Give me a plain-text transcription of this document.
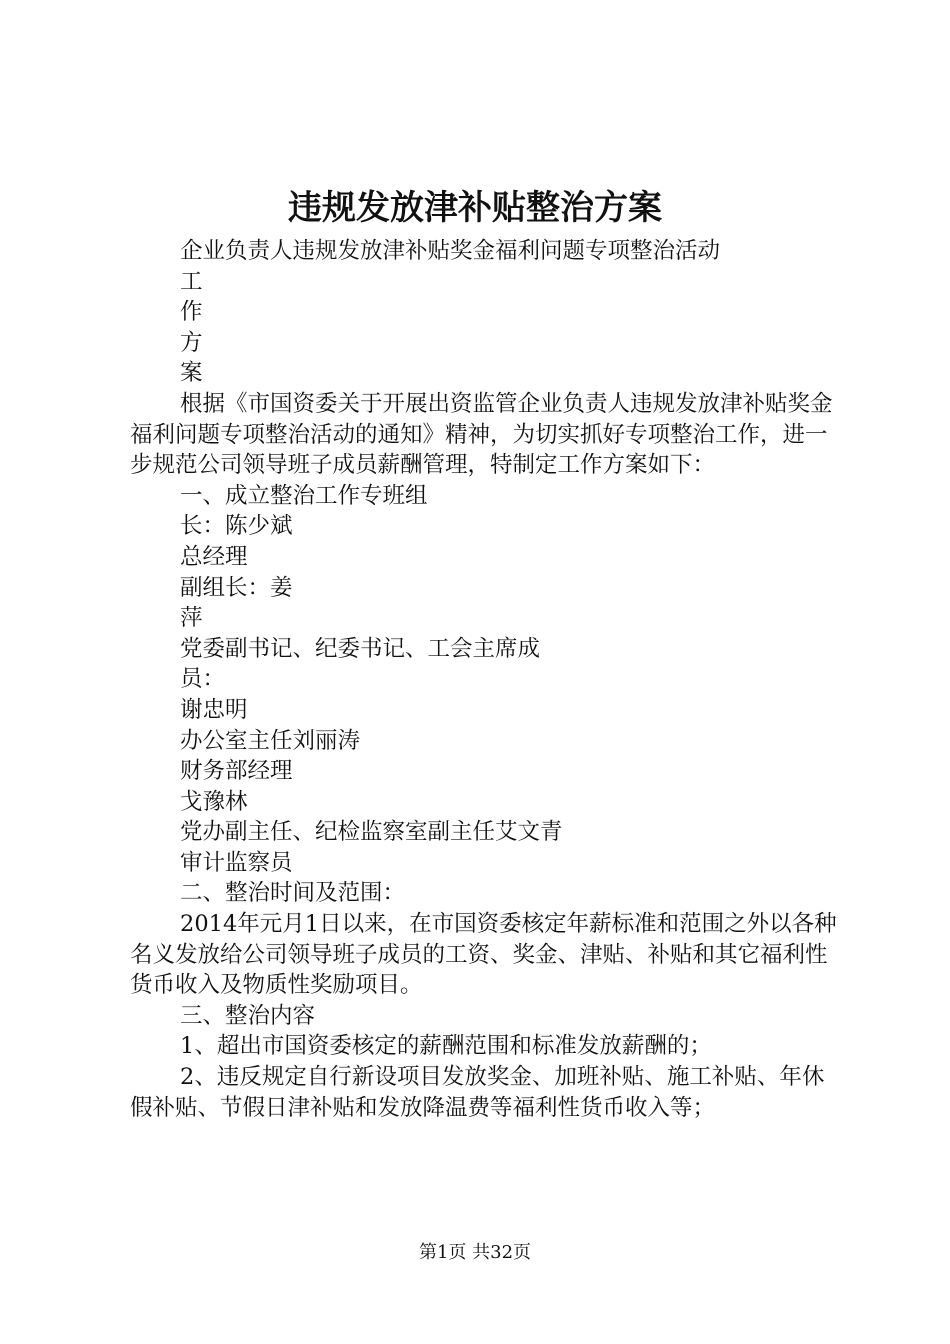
违规发放津补贴整治方案

企业负责人违规发放津补贴奖金福利问题专项整治活动

工

作

方

案

根据《市国资委关于开展出资监管企业负责人违规发放津补贴奖金福利问题专项整治活动的通知》精神，为切实抓好专项整治工作，进一步规范公司领导班子成员薪酬管理，特制定工作方案如下：

一、成立整治工作专班组

长：陈少斌

总经理

副组长：姜

萍

党委副书记、纪委书记、工会主席成

员：

谢忠明

办公室主任刘丽涛

财务部经理

戈豫林

党办副主任、纪检监察室副主任艾文青

审计监察员

二、整治时间及范围：

2014年元月1日以来，在市国资委核定年薪标准和范围之外以各种名义发放给公司领导班子成员的工资、奖金、津贴、补贴和其它福利性货币收入及物质性奖励项目。

三、整治内容

1、超出市国资委核定的薪酬范围和标准发放薪酬的；

2、违反规定自行新设项目发放奖金、加班补贴、施工补贴、年休假补贴、节假日津补贴和发放降温费等福利性货币收入等；

第1页 共32页
